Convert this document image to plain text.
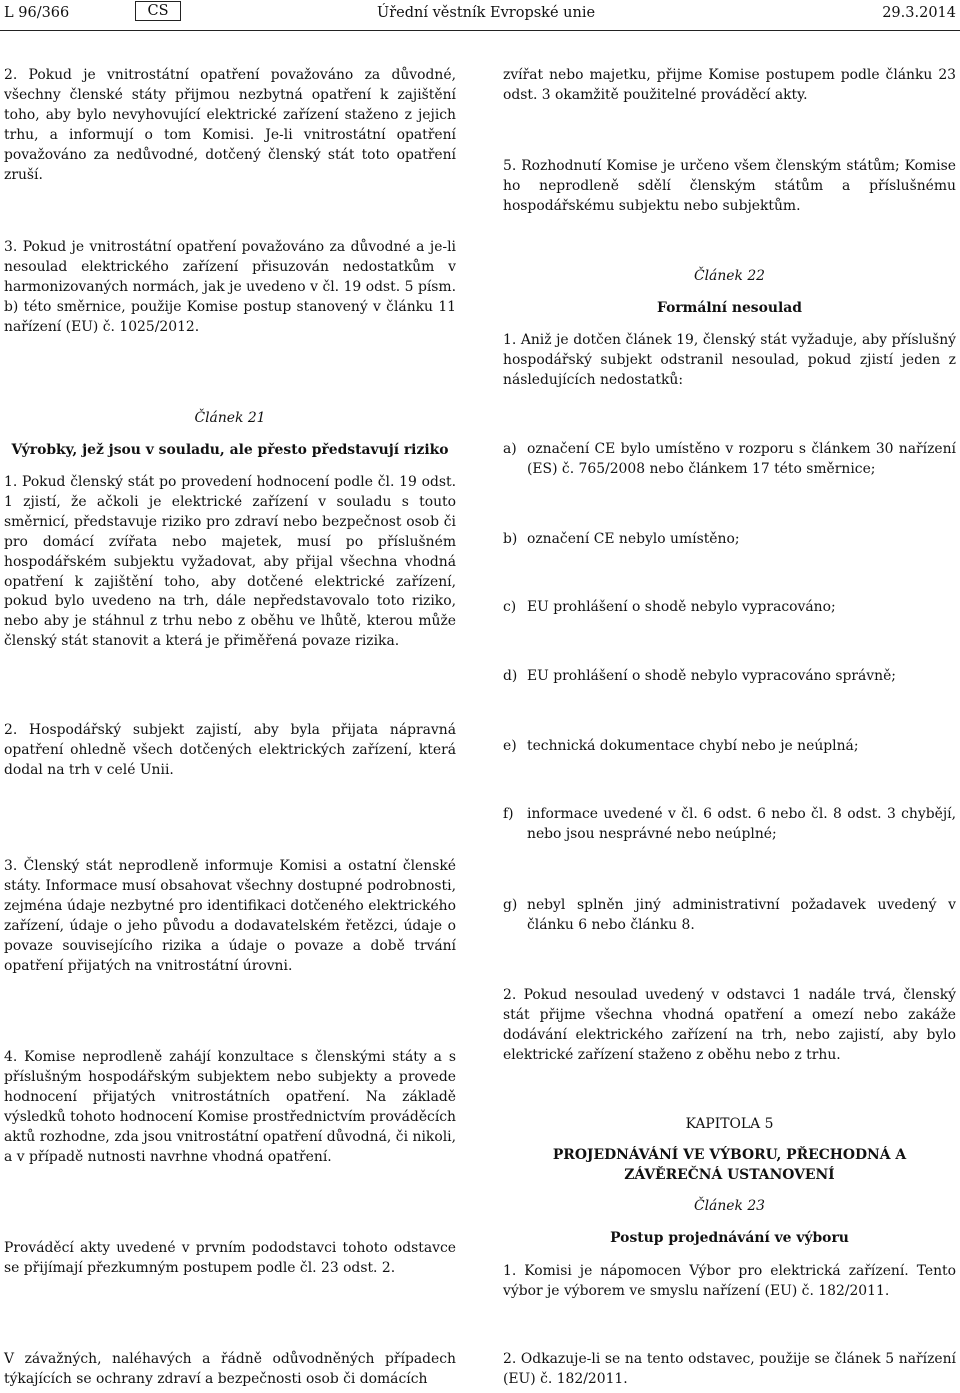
L 96/366	CS	Úřední věstník Evropské unie	29.3.2014

2. Pokud je vnitrostátní opatření považováno za důvodné, všechny členské státy přijmou nezbytná opatření k zajištění toho, aby bylo nevyhovující elektrické zařízení staženo z jejich trhu, a informují o tom Komisi. Je-li vnitrostátní opatření považováno za nedůvodné, dotčený členský stát toto opatření zruší.

3. Pokud je vnitrostátní opatření považováno za důvodné a je-li nesoulad elektrického zařízení přisuzován nedostatkům v harmonizovaných normách, jak je uvedeno v čl. 19 odst. 5 písm. b) této směrnice, použije Komise postup stanovený v článku 11 nařízení (EU) č. 1025/2012.

Článek 21

Výrobky, jež jsou v souladu, ale přesto představují riziko

1. Pokud členský stát po provedení hodnocení podle čl. 19 odst. 1 zjistí, že ačkoli je elektrické zařízení v souladu s touto směrnicí, představuje riziko pro zdraví nebo bezpečnost osob či pro domácí zvířata nebo majetek, musí po příslušném hospodářském subjektu vyžadovat, aby přijal všechna vhodná opatření k zajištění toho, aby dotčené elektrické zařízení, pokud bylo uvedeno na trh, dále nepředstavovalo toto riziko, nebo aby je stáhnul z trhu nebo z oběhu ve lhůtě, kterou může členský stát stanovit a která je přiměřená povaze rizika.

2. Hospodářský subjekt zajistí, aby byla přijata nápravná opatření ohledně všech dotčených elektrických zařízení, která dodal na trh v celé Unii.

3. Členský stát neprodleně informuje Komisi a ostatní členské státy. Informace musí obsahovat všechny dostupné podrobnosti, zejména údaje nezbytné pro identifikaci dotčeného elektrického zařízení, údaje o jeho původu a dodavatelském řetězci, údaje o povaze souvisejícího rizika a údaje o povaze a době trvání opatření přijatých na vnitrostátní úrovni.

4. Komise neprodleně zahájí konzultace s členskými státy a s příslušným hospodářským subjektem nebo subjekty a provede hodnocení přijatých vnitrostátních opatření. Na základě výsledků tohoto hodnocení Komise prostřednictvím prováděcích aktů rozhodne, zda jsou vnitrostátní opatření důvodná, či nikoli, a v případě nutnosti navrhne vhodná opatření.

Prováděcí akty uvedené v prvním pododstavci tohoto odstavce se přijímají přezkumným postupem podle čl. 23 odst. 2.

V závažných, naléhavých a řádně odůvodněných případech týkajících se ochrany zdraví a bezpečnosti osob či domácích

zvířat nebo majetku, přijme Komise postupem podle článku 23 odst. 3 okamžitě použitelné prováděcí akty.

5. Rozhodnutí Komise je určeno všem členským státům; Komise ho neprodleně sdělí členským státům a příslušnému hospodářskému subjektu nebo subjektům.

Článek 22

Formální nesoulad

1. Aniž je dotčen článek 19, členský stát vyžaduje, aby příslušný hospodářský subjekt odstranil nesoulad, pokud zjistí jeden z následujících nedostatků:

a) označení CE bylo umístěno v rozporu s článkem 30 nařízení (ES) č. 765/2008 nebo článkem 17 této směrnice;
b) označení CE nebylo umístěno;
c) EU prohlášení o shodě nebylo vypracováno;
d) EU prohlášení o shodě nebylo vypracováno správně;
e) technická dokumentace chybí nebo je neúplná;
f) informace uvedené v čl. 6 odst. 6 nebo čl. 8 odst. 3 chybějí, nebo jsou nesprávné nebo neúplné;
g) nebyl splněn jiný administrativní požadavek uvedený v článku 6 nebo článku 8.

2. Pokud nesoulad uvedený v odstavci 1 nadále trvá, členský stát přijme všechna vhodná opatření a omezí nebo zakáže dodávání elektrického zařízení na trh, nebo zajistí, aby bylo elektrické zařízení staženo z oběhu nebo z trhu.

KAPITOLA 5

PROJEDNÁVÁNÍ VE VÝBORU, PŘECHODNÁ A ZÁVĚREČNÁ USTANOVENÍ

Článek 23

Postup projednávání ve výboru

1. Komisi je nápomocen Výbor pro elektrická zařízení. Tento výbor je výborem ve smyslu nařízení (EU) č. 182/2011.

2. Odkazuje-li se na tento odstavec, použije se článek 5 nařízení (EU) č. 182/2011.
